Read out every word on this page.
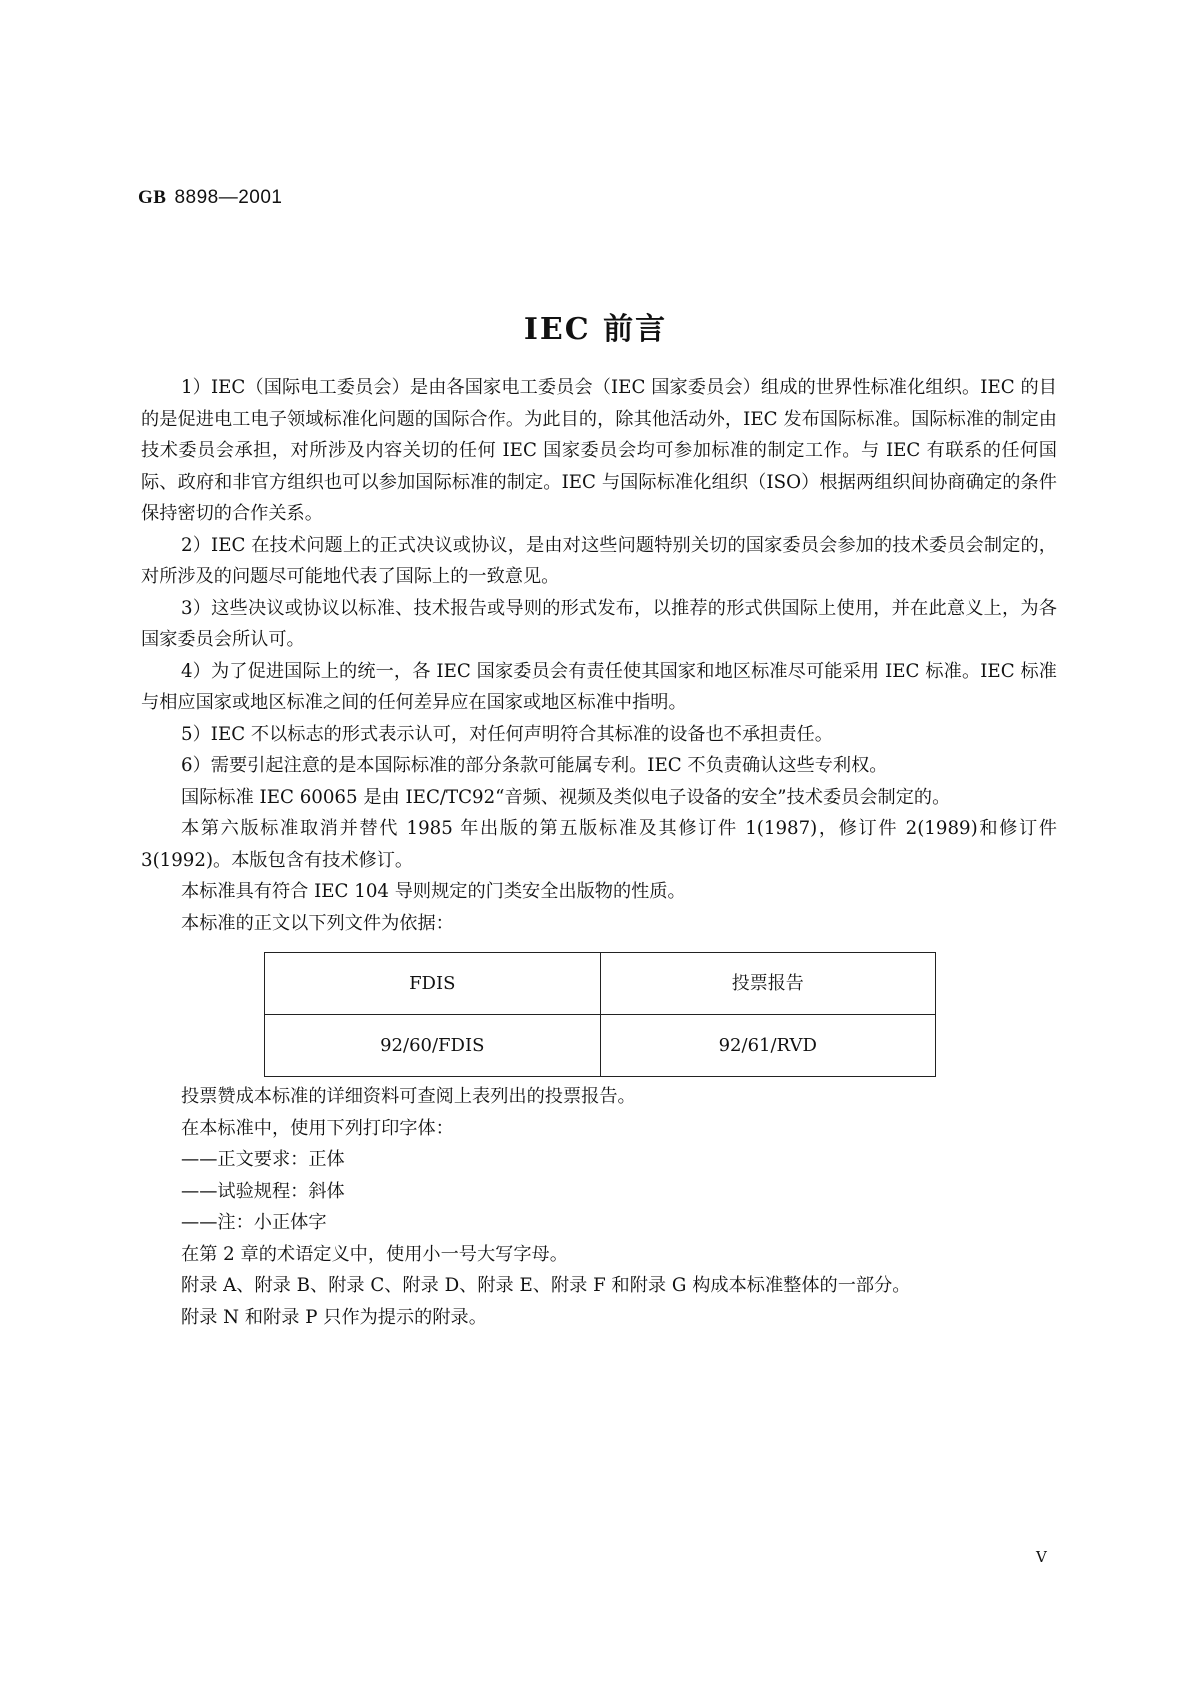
GB 8898—2001
IEC 前言

1）IEC（国际电工委员会）是由各国家电工委员会（IEC 国家委员会）组成的世界性标准化组织。IEC 的目的是促进电工电子领域标准化问题的国际合作。为此目的，除其他活动外，IEC 发布国际标准。国际标准的制定由技术委员会承担，对所涉及内容关切的任何 IEC 国家委员会均可参加标准的制定工作。与 IEC 有联系的任何国际、政府和非官方组织也可以参加国际标准的制定。IEC 与国际标准化组织（ISO）根据两组织间协商确定的条件保持密切的合作关系。

2）IEC 在技术问题上的正式决议或协议，是由对这些问题特别关切的国家委员会参加的技术委员会制定的，对所涉及的问题尽可能地代表了国际上的一致意见。

3）这些决议或协议以标准、技术报告或导则的形式发布，以推荐的形式供国际上使用，并在此意义上，为各国家委员会所认可。

4）为了促进国际上的统一，各 IEC 国家委员会有责任使其国家和地区标准尽可能采用 IEC 标准。IEC 标准与相应国家或地区标准之间的任何差异应在国家或地区标准中指明。

5）IEC 不以标志的形式表示认可，对任何声明符合其标准的设备也不承担责任。

6）需要引起注意的是本国际标准的部分条款可能属专利。IEC 不负责确认这些专利权。

国际标准 IEC 60065 是由 IEC/TC92“音频、视频及类似电子设备的安全”技术委员会制定的。

本第六版标准取消并替代 1985 年出版的第五版标准及其修订件 1(1987)，修订件 2(1989)和修订件 3(1992)。本版包含有技术修订。

本标准具有符合 IEC 104 导则规定的门类安全出版物的性质。

本标准的正文以下列文件为依据：

FDIS	投票报告
92/60/FDIS	92/61/RVD

投票赞成本标准的详细资料可查阅上表列出的投票报告。

在本标准中，使用下列打印字体：

——正文要求：正体

——试验规程：斜体

——注：小正体字

在第 2 章的术语定义中，使用小一号大写字母。

附录 A、附录 B、附录 C、附录 D、附录 E、附录 F 和附录 G 构成本标准整体的一部分。

附录 N 和附录 P 只作为提示的附录。

V
